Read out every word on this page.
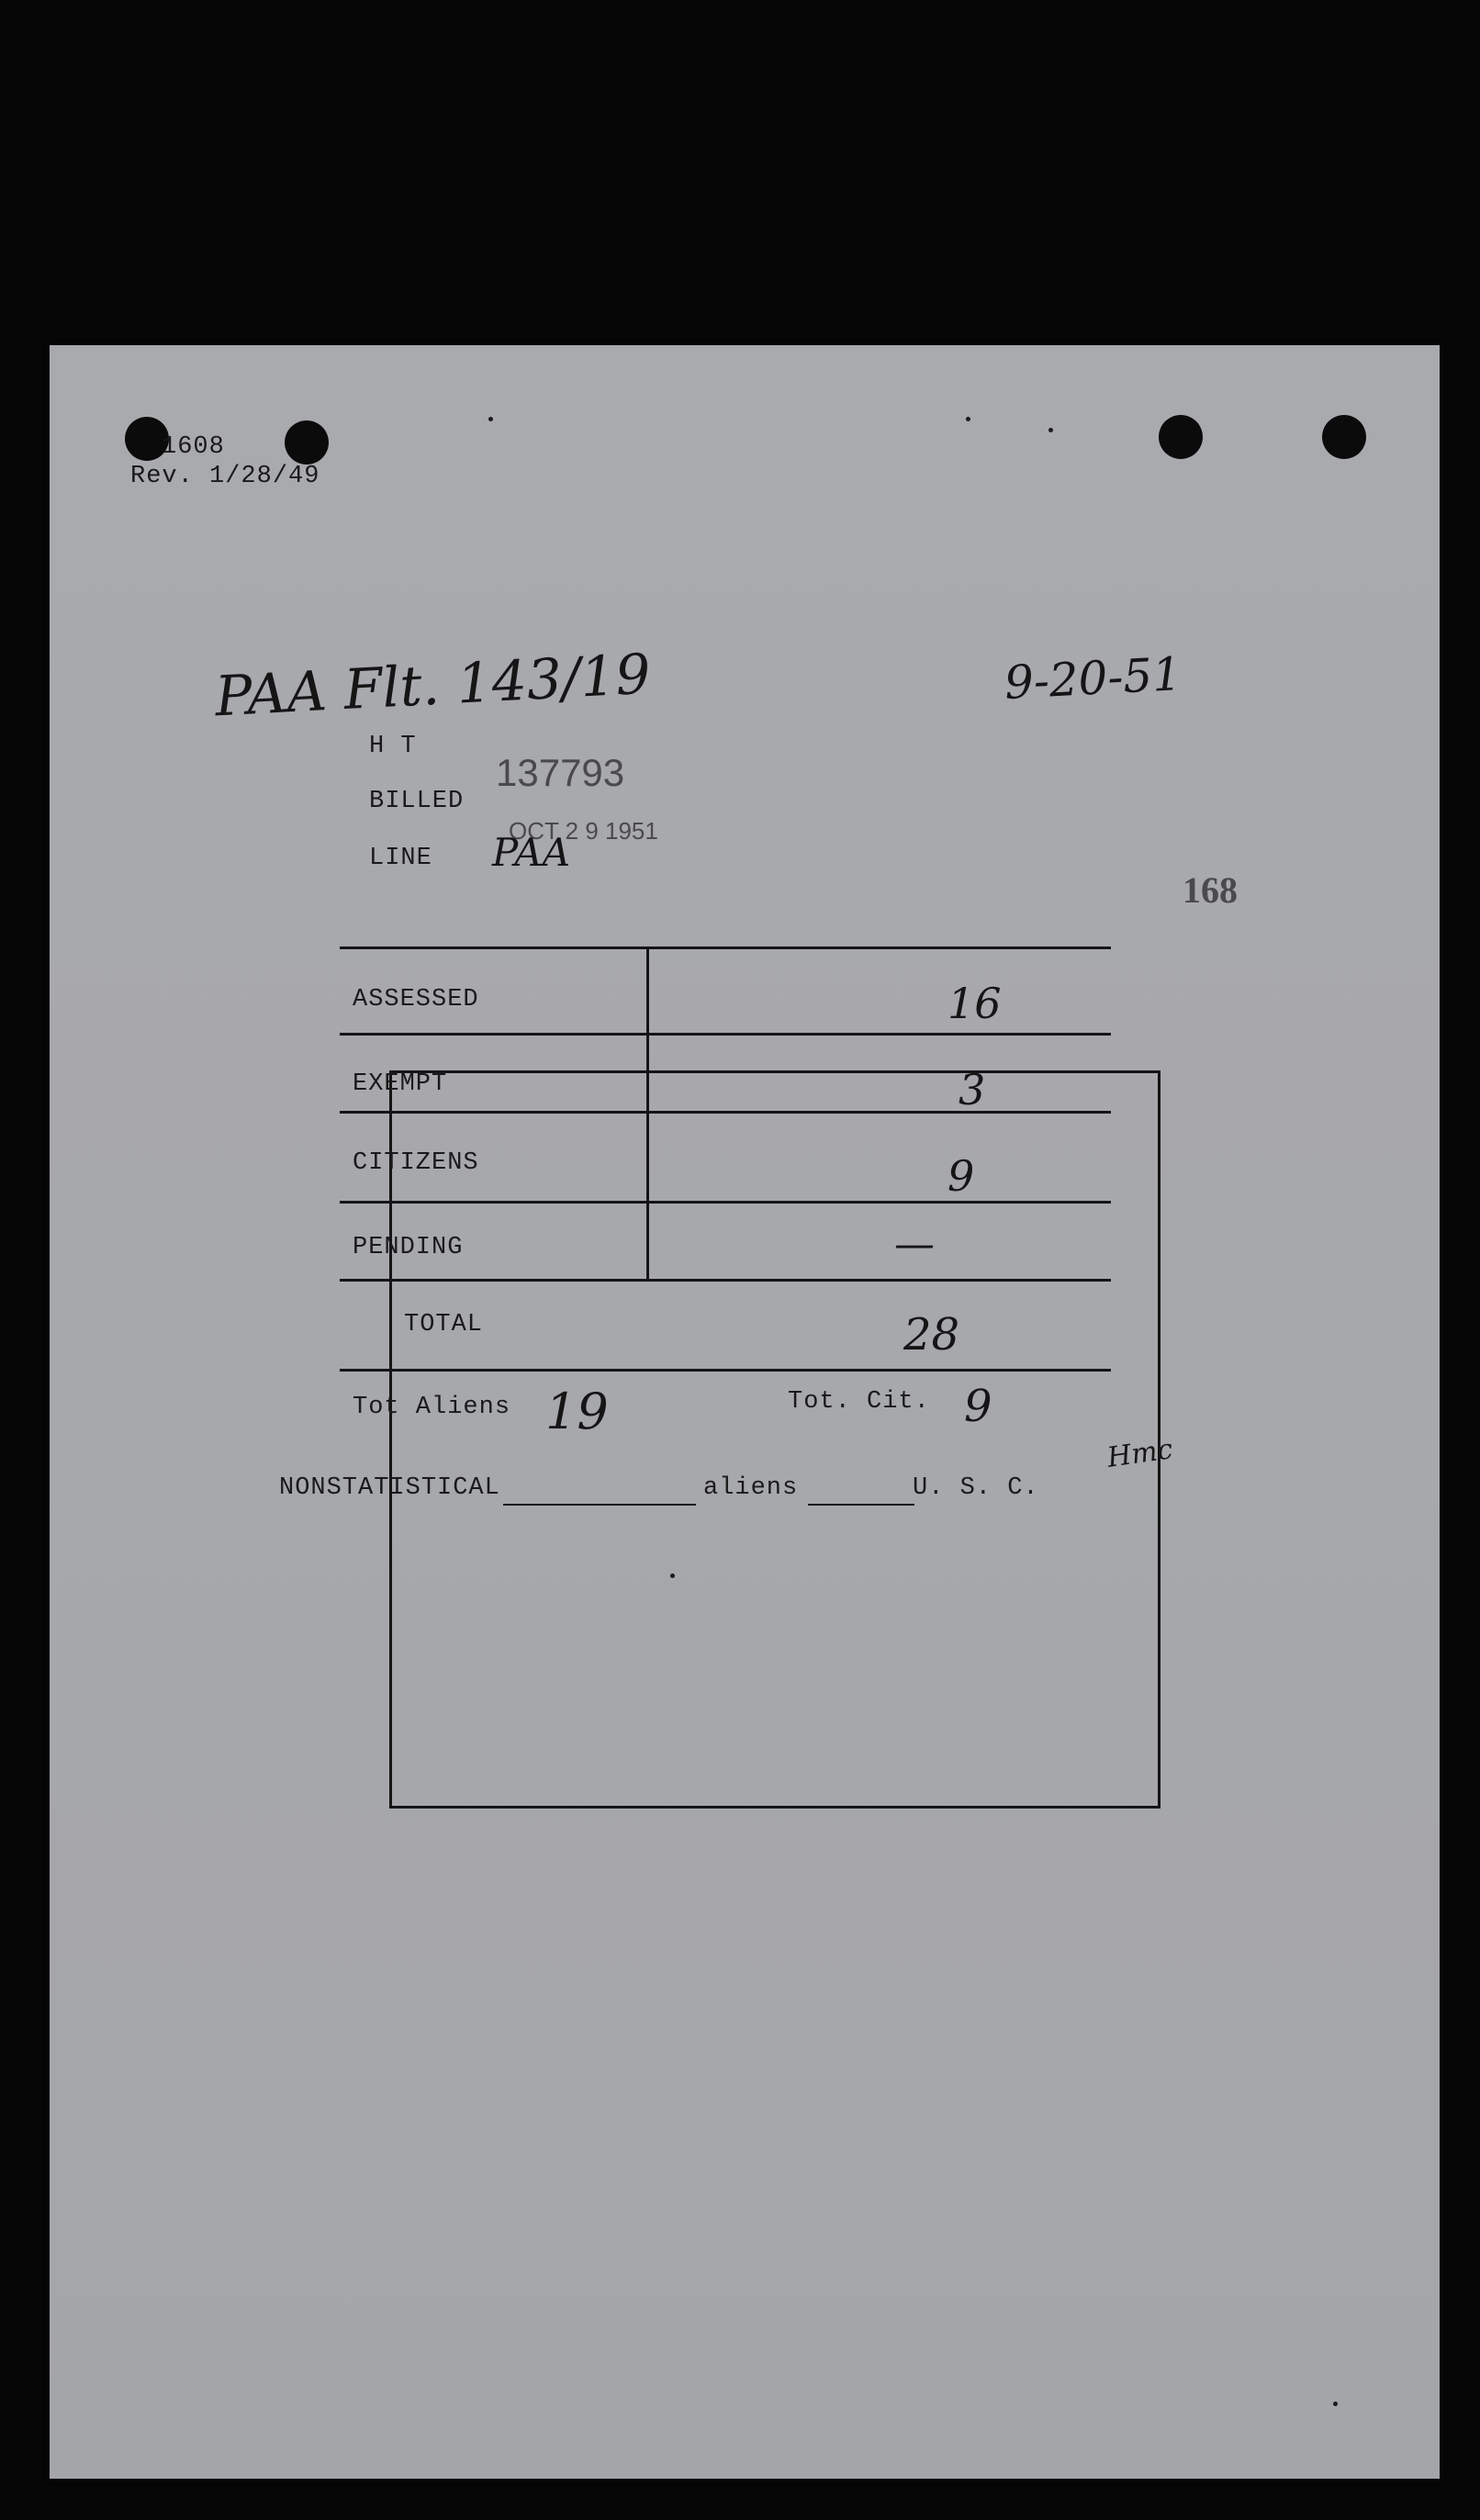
1608
Rev. 1/28/49
PAA Flt. 143/19	9-20-51
168
H T
BILLED
137793
OCT 2 9 1951
LINE PAA
ASSESSED	16
EXEMPT	3
CITIZENS	9
PENDING	—
TOTAL	28
Tot Aliens 19	Tot. Cit. 9
Hmc
NONSTATISTICAL	aliens	U. S. C.
